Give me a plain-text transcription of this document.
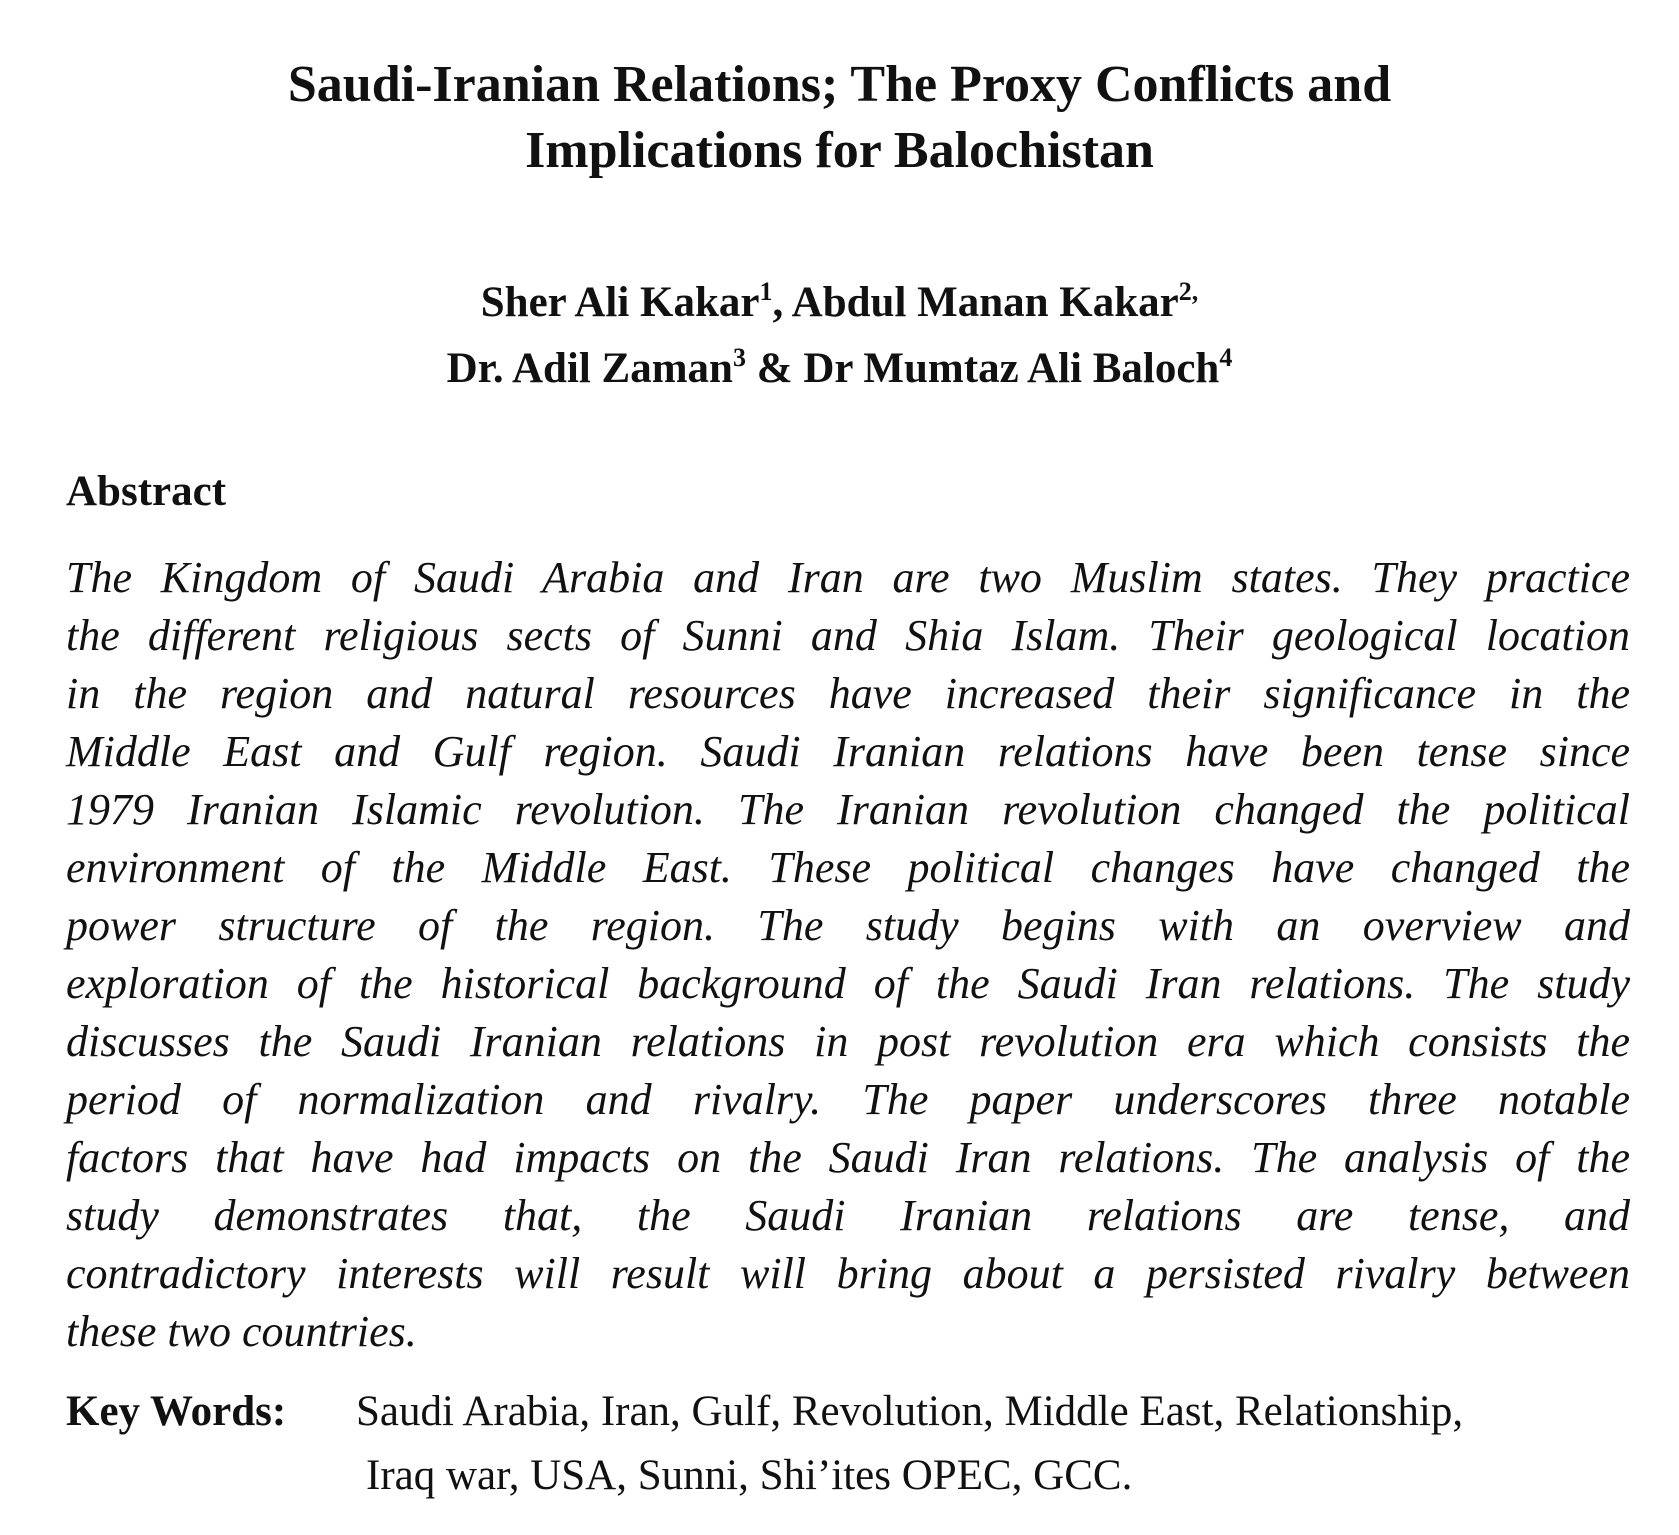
Saudi-Iranian Relations; The Proxy Conflicts and
Implications for Balochistan
Sher Ali Kakar$^1$, Abdul Manan Kakar$^{2,}$
Dr. Adil Zaman$^3$ & Dr Mumtaz Ali Baloch$^4$
Abstract
The Kingdom of Saudi Arabia and Iran are two Muslim states. They practice
the different religious sects of Sunni and Shia Islam. Their geological location
in the region and natural resources have increased their significance in the
Middle East and Gulf region. Saudi Iranian relations have been tense since
1979 Iranian Islamic revolution. The Iranian revolution changed the political
environment of the Middle East. These political changes have changed the
power structure of the region. The study begins with an overview and
exploration of the historical background of the Saudi Iran relations. The study
discusses the Saudi Iranian relations in post revolution era which consists the
period of normalization and rivalry. The paper underscores three notable
factors that have had impacts on the Saudi Iran relations. The analysis of the
study demonstrates that, the Saudi Iranian relations are tense, and
contradictory interests will result will bring about a persisted rivalry between
these two countries.
Key Words: Saudi Arabia, Iran, Gulf, Revolution, Middle East, Relationship,
Iraq war, USA, Sunni, Shi’ites OPEC, GCC.
